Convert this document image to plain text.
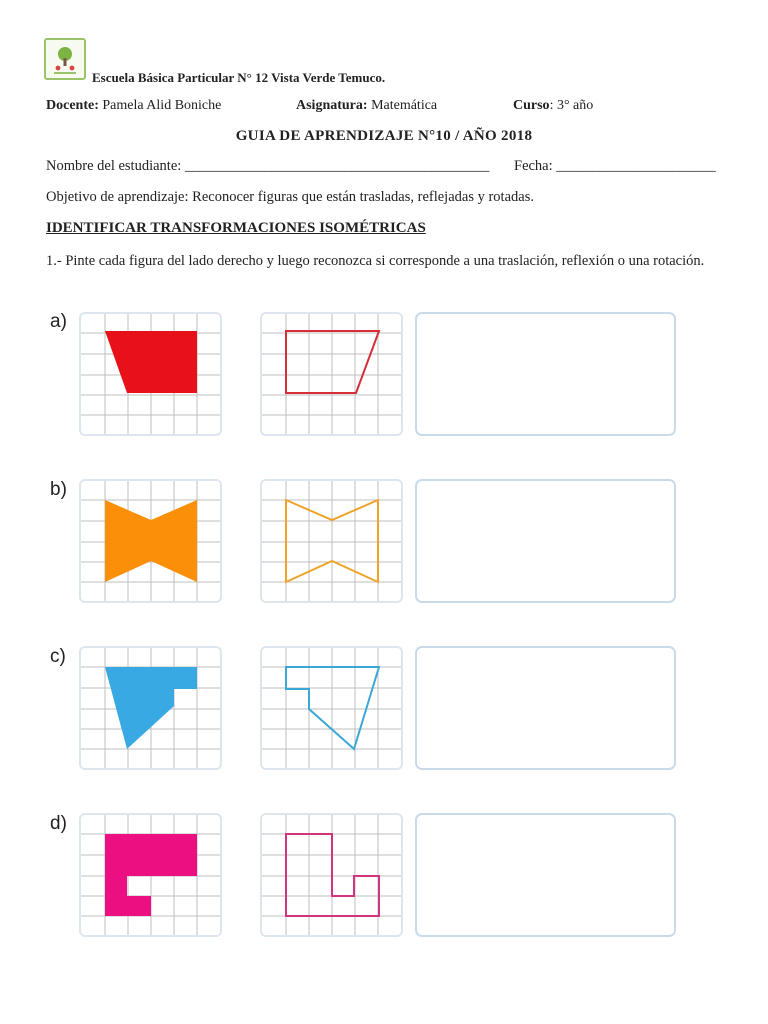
Escuela Básica Particular N° 12 Vista Verde Temuco.
Docente: Pamela Alid Boniche	Asignatura: Matemática	Curso: 3° año
GUIA DE APRENDIZAJE N°10 / AÑO 2018
Nombre del estudiante: __________________________________________ Fecha: ______________________
Objetivo de aprendizaje: Reconocer figuras que están trasladas, reflejadas y rotadas.
IDENTIFICAR TRANSFORMACIONES ISOMÉTRICAS
1.- Pinte cada figura del lado derecho y luego reconozca si corresponde a una traslación, reflexión o una rotación.
a)
b)
c)
d)
